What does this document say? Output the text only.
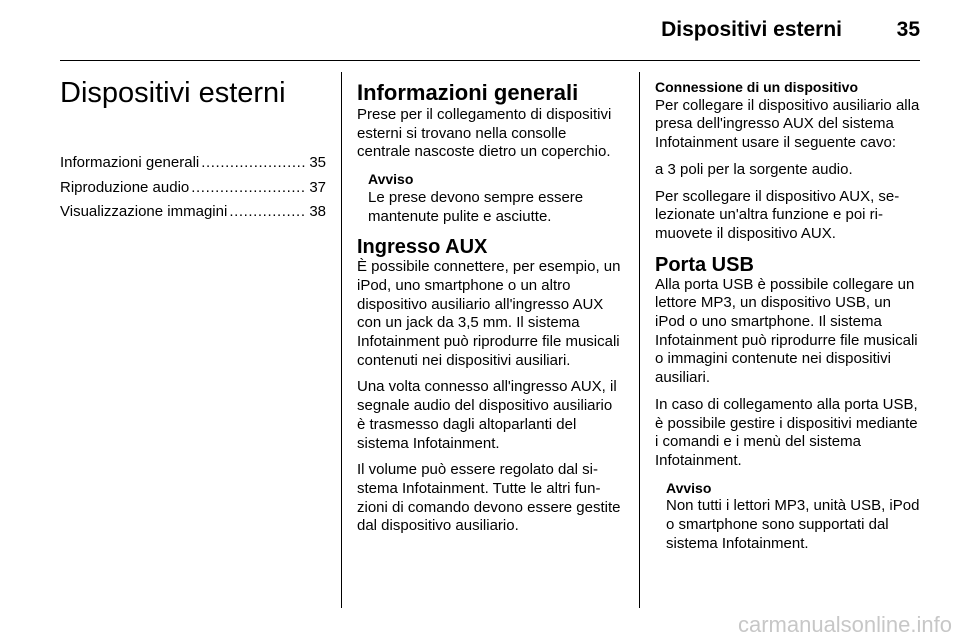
Dispositivi esterni	35
Dispositivi esterni
Informazioni generali .....	35
Riproduzione audio .....	37
Visualizzazione immagini .....	38
Informazioni generali

Prese per il collegamento di dispositivi esterni si trovano nella consolle centrale nascoste dietro un coperchio.

Avviso
Le prese devono sempre essere mantenute pulite e asciutte.
Ingresso AUX

È possibile connettere, per esempio, un iPod, uno smartphone o un altro dispositivo ausiliario all'ingresso AUX con un jack da 3,5 mm. Il sistema Infotainment può riprodurre file musicali contenuti nei dispositivi ausiliari.

Una volta connesso all'ingresso AUX, il segnale audio del dispositivo ausiliario è trasmesso dagli altoparlanti del sistema Infotainment.

Il volume può essere regolato dal sistema Infotainment. Tutte le altri funzioni di comando devono essere gestite dal dispositivo ausiliario.

Connessione di un dispositivo

Per collegare il dispositivo ausiliario alla presa dell'ingresso AUX del sistema Infotainment usare il seguente cavo:

a 3 poli per la sorgente audio.

Per scollegare il dispositivo AUX, selezionate un'altra funzione e poi rimuovete il dispositivo AUX.

Porta USB

Alla porta USB è possibile collegare un lettore MP3, un dispositivo USB, un iPod o uno smartphone. Il sistema Infotainment può riprodurre file musicali o immagini contenute nei dispositivi ausiliari.

In caso di collegamento alla porta USB, è possibile gestire i dispositivi mediante i comandi e i menù del sistema Infotainment.

Avviso
Non tutti i lettori MP3, unità USB, iPod o smartphone sono supportati dal sistema Infotainment.
carmanualsonline.info
